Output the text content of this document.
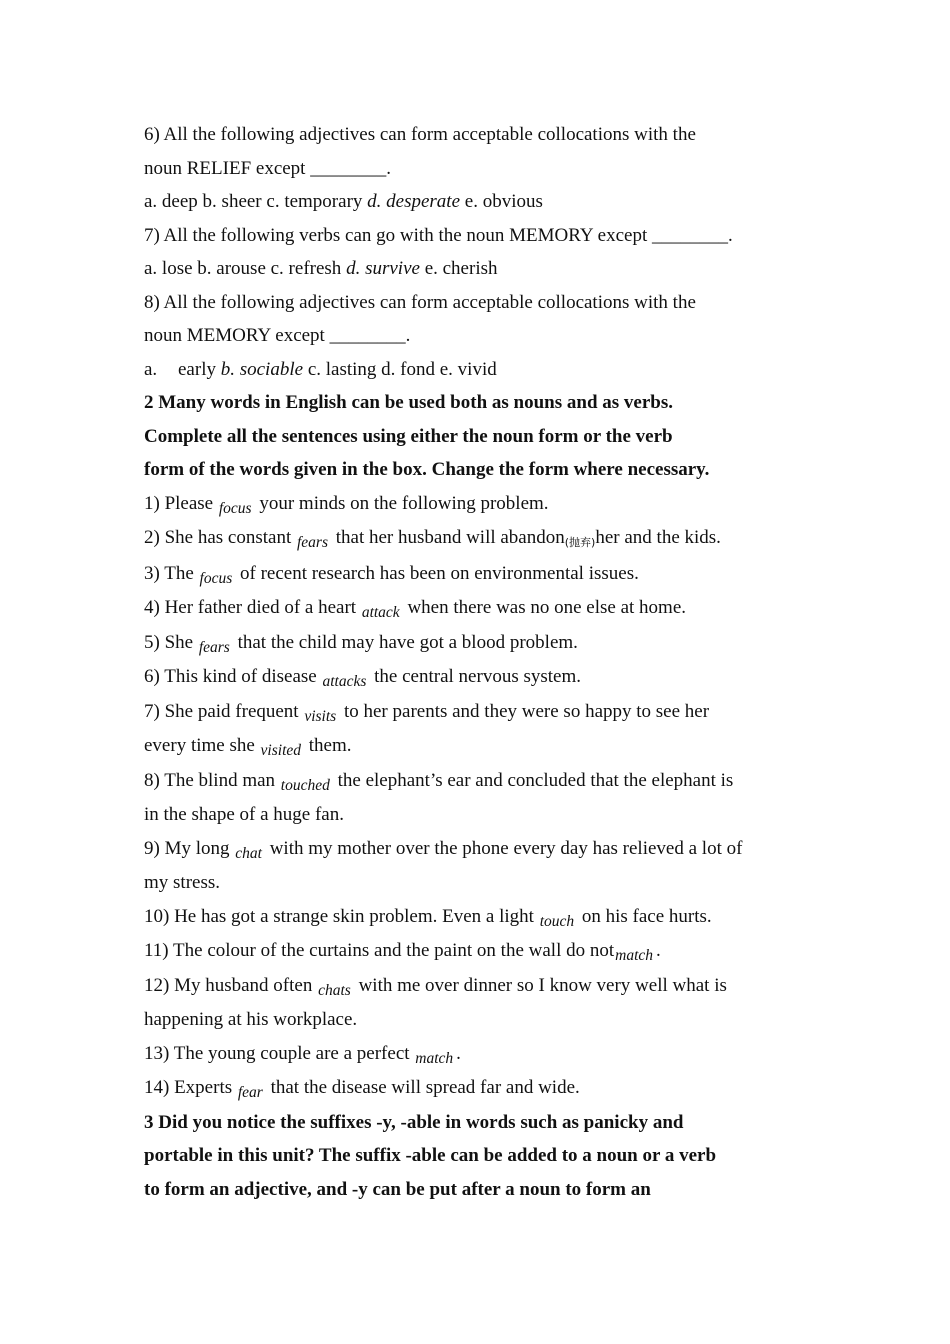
6) All the following adjectives can form acceptable collocations with the
noun RELIEF except ________.
a. deep b. sheer c. temporary d. desperate e. obvious
7) All the following verbs can go with the noun MEMORY except ________.
a. lose b. arouse c. refresh d. survive e. cherish
8) All the following adjectives can form acceptable collocations with the
noun MEMORY except ________.
a. early b. sociable c. lasting d. fond e. vivid
2 Many words in English can be used both as nouns and as verbs.
Complete all the sentences using either the noun form or the verb
form of the words given in the box. Change the form where necessary.
1) Please $_{focus}$ your minds on the following problem.
2) She has constant $_{fears}$ that her husband will abandon(抛弃)her and the kids.
3) The $_{focus}$ of recent research has been on environmental issues.
4) Her father died of a heart $_{attack}$ when there was no one else at home.
5) She $_{fears}$ that the child may have got a blood problem.
6) This kind of disease $_{attacks}$ the central nervous system.
7) She paid frequent $_{visits}$ to her parents and they were so happy to see her
every time she $_{visited}$ them.
8) The blind man $_{touched}$ the elephant’s ear and concluded that the elephant is
in the shape of a huge fan.
9) My long $_{chat}$ with my mother over the phone every day has relieved a lot of
my stress.
10) He has got a strange skin problem. Even a light $_{touch}$ on his face hurts.
11) The colour of the curtains and the paint on the wall do not$_{match}$ .
12) My husband often $_{chats}$ with me over dinner so I know very well what is
happening at his workplace.
13) The young couple are a perfect $_{match}$ .
14) Experts $_{fear}$ that the disease will spread far and wide.
3 Did you notice the suffixes -y, -able in words such as panicky and
portable in this unit? The suffix -able can be added to a noun or a verb
to form an adjective, and -y can be put after a noun to form an
